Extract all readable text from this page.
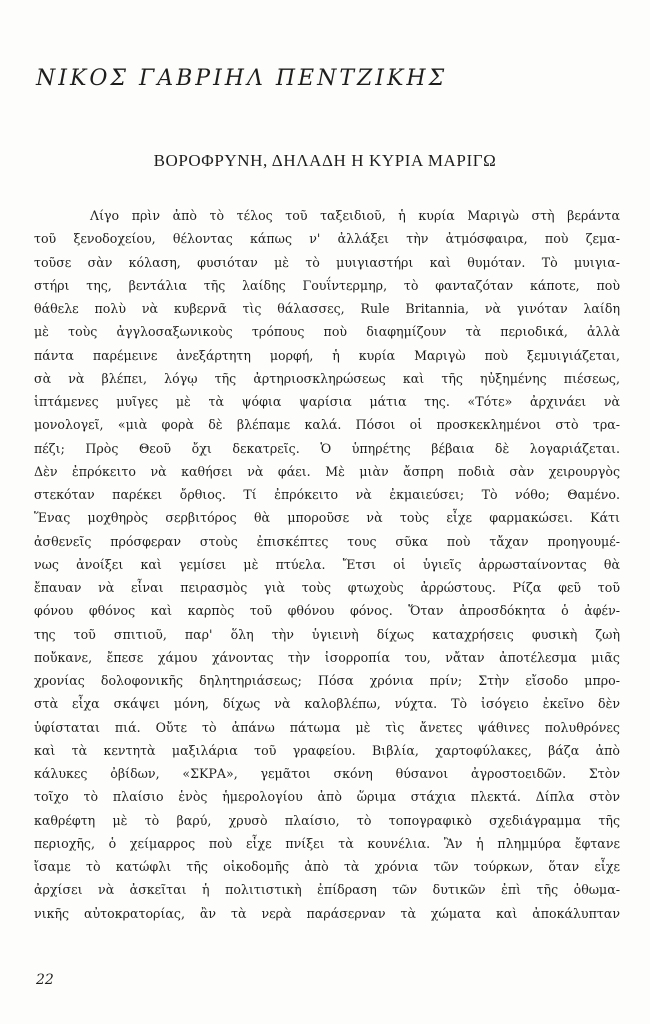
ΝΙΚΟΣ ΓΑΒΡΙΗΛ ΠΕΝΤΖΙΚΗΣ
ΒΟΡΟΦΡΥΝΗ, ΔΗΛΑΔΗ Η ΚΥΡΙΑ ΜΑΡΙΓΩ
Λίγο πρὶν ἀπὸ τὸ τέλος τοῦ ταξειδιοῦ, ἡ κυρία Μαριγὼ στὴ βεράντα
τοῦ ξενοδοχείου, θέλοντας κάπως ν' ἀλλάξει τὴν ἀτμόσφαιρα, ποὺ ζεμα-
τοῦσε σὰν κόλαση, φυσιόταν μὲ τὸ μυιγιαστήρι καὶ θυμόταν. Τὸ μυιγια-
στήρι της, βεντάλια τῆς λαίδης Γουΐντερμηρ, τὸ φανταζόταν κάποτε, ποὺ
θάθελε πολὺ νὰ κυβερνᾶ τὶς θάλασσες, Rule Britannia, νὰ γινόταν λαίδη
μὲ τοὺς ἀγγλοσαξωνικοὺς τρόπους ποὺ διαφημίζουν τὰ περιοδικά, ἀλλὰ
πάντα παρέμεινε ἀνεξάρτητη μορφή, ἡ κυρία Μαριγὼ ποὺ ξεμυιγιάζεται,
σὰ νὰ βλέπει, λόγῳ τῆς ἀρτηριοσκληρώσεως καὶ τῆς ηὐξημένης πιέσεως,
ἱπτάμενες μυῖγες μὲ τὰ ψόφια ψαρίσια μάτια της. «Τότε» ἀρχινάει νὰ
μονολογεῖ, «μιὰ φορὰ δὲ βλέπαμε καλά. Πόσοι οἱ προσκεκλημένοι στὸ τρα-
πέζι; Πρὸς Θεοῦ ὄχι δεκατρεῖς. Ὁ ὑπηρέτης βέβαια δὲ λογαριάζεται.
Δὲν ἐπρόκειτο νὰ καθήσει νὰ φάει. Μὲ μιὰν ἄσπρη ποδιὰ σὰν χειρουργὸς
στεκόταν παρέκει ὄρθιος. Τί ἐπρόκειτο νὰ ἐκμαιεύσει; Τὸ νόθο; Θαμένο.
Ἕνας μοχθηρὸς σερβιτόρος θὰ μποροῦσε νὰ τοὺς εἶχε φαρμακώσει. Κάτι
ἀσθενεῖς πρόσφεραν στοὺς ἐπισκέπτες τους σῦκα ποὺ τἄχαν προηγουμέ-
νως ἀνοίξει καὶ γεμίσει μὲ πτύελα. Ἔτσι οἱ ὑγιεῖς ἀρρωσταίνοντας θὰ
ἔπαυαν νὰ εἶναι πειρασμὸς γιὰ τοὺς φτωχοὺς ἀρρώστους. Ρίζα φεῦ τοῦ
φόνου φθόνος καὶ καρπὸς τοῦ φθόνου φόνος. Ὅταν ἀπροσδόκητα ὁ ἀφέν-
της τοῦ σπιτιοῦ, παρ' ὅλη τὴν ὑγιεινὴ δίχως καταχρήσεις φυσικὴ ζωὴ
ποὔκανε, ἔπεσε χάμου χάνοντας τὴν ἰσορροπία του, νἄταν ἀποτέλεσμα μιᾶς
χρονίας δολοφονικῆς δηλητηριάσεως; Πόσα χρόνια πρίν; Στὴν εἴσοδο μπρο-
στὰ εἶχα σκάψει μόνη, δίχως νὰ καλοβλέπω, νύχτα. Τὸ ἰσόγειο ἐκεῖνο δὲν
ὑφίσταται πιά. Οὔτε τὸ ἀπάνω πάτωμα μὲ τὶς ἄνετες ψάθινες πολυθρόνες
καὶ τὰ κεντητὰ μαξιλάρια τοῦ γραφείου. Βιβλία, χαρτοφύλακες, βάζα ἀπὸ
κάλυκες ὀβίδων, «ΣΚΡΑ», γεμᾶτοι σκόνη θύσανοι ἀγροστοειδῶν. Στὸν
τοῖχο τὸ πλαίσιο ἑνὸς ἡμερολογίου ἀπὸ ὥριμα στάχια πλεκτά. Δίπλα στὸν
καθρέφτη μὲ τὸ βαρύ, χρυσὸ πλαίσιο, τὸ τοπογραφικὸ σχεδιάγραμμα τῆς
περιοχῆς, ὁ χείμαρρος ποὺ εἶχε πνίξει τὰ κουνέλια. Ἂν ἡ πλημμύρα ἔφτανε
ἴσαμε τὸ κατώφλι τῆς οἰκοδομῆς ἀπὸ τὰ χρόνια τῶν τούρκων, ὅταν εἶχε
ἀρχίσει νὰ ἀσκεῖται ἡ πολιτιστικὴ ἐπίδραση τῶν δυτικῶν ἐπὶ τῆς ὀθωμα-
νικῆς αὐτοκρατορίας, ἂν τὰ νερὰ παράσερναν τὰ χώματα καὶ ἀποκάλυπταν
22
